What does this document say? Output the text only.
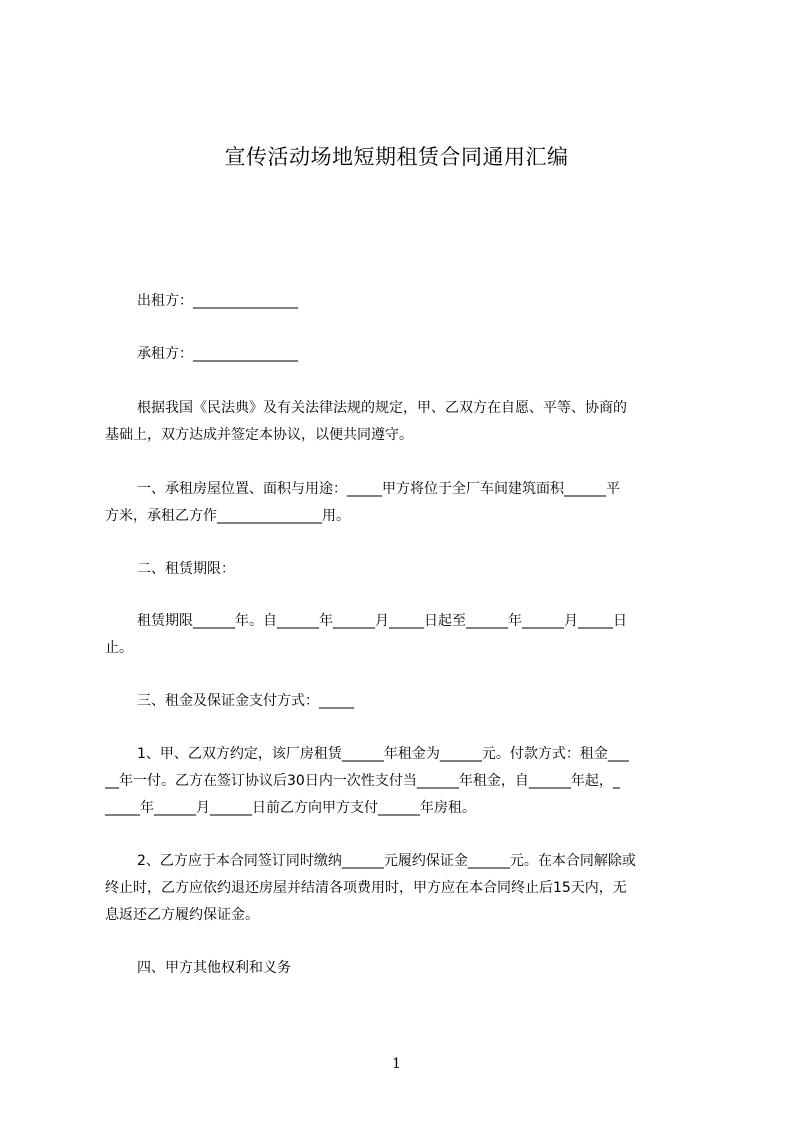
宣传活动场地短期租赁合同通用汇编
出租方：_______________
承租方：_______________
根据我国《民法典》及有关法律法规的规定，甲、乙双方在自愿、平等、协商的
基础上，双方达成并签定本协议，以便共同遵守。
一、承租房屋位置、面积与用途：_____甲方将位于全厂车间建筑面积______平
方米，承租乙方作_______________用。
二、租赁期限：
租赁期限______年。自______年______月_____日起至______年______月_____日
止。
三、租金及保证金支付方式：_____
1、甲、乙双方约定，该厂房租赁______年租金为______元。付款方式：租金___
__年一付。乙方在签订协议后30日内一次性支付当______年租金，自______年起，_
_____年______月______日前乙方向甲方支付______年房租。
2、乙方应于本合同签订同时缴纳______元履约保证金______元。在本合同解除或
终止时，乙方应依约退还房屋并结清各项费用时，甲方应在本合同终止后15天内，无
息返还乙方履约保证金。
四、甲方其他权利和义务
1
